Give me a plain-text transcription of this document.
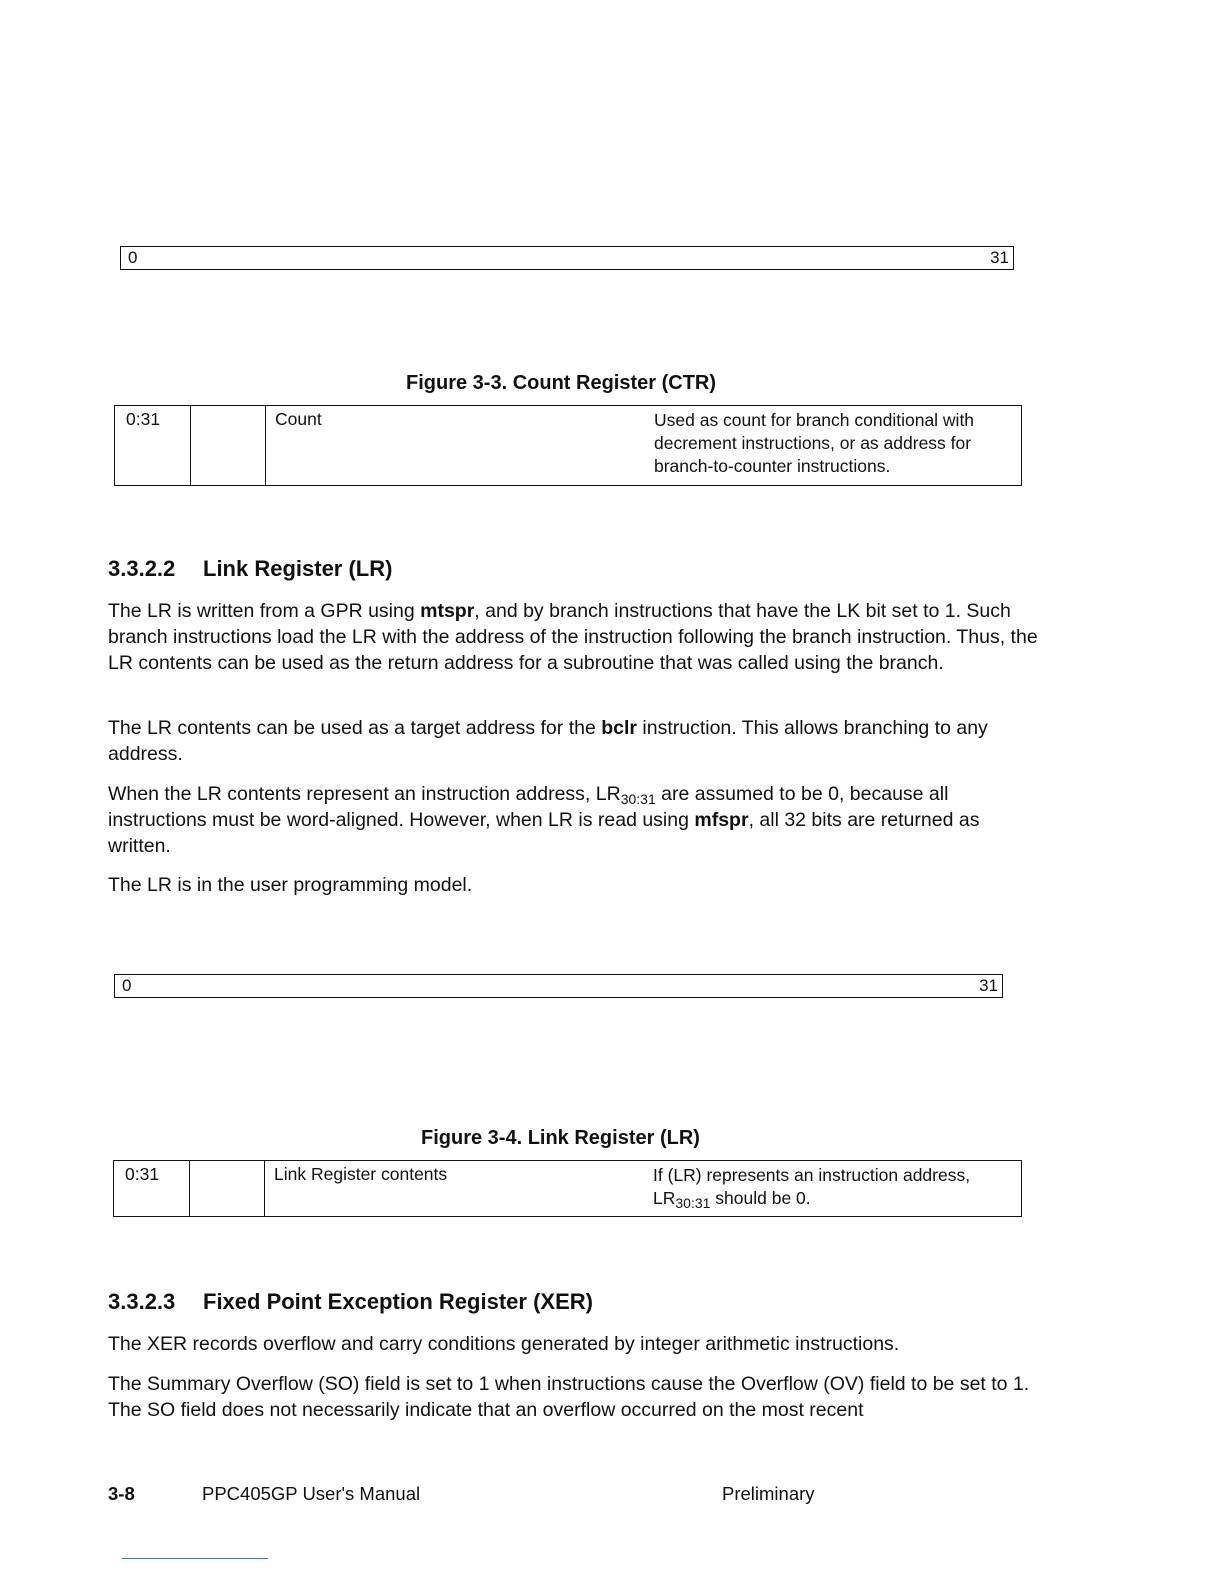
0	31
Figure 3-3. Count Register (CTR)
0:31	Count	Used as count for branch conditional with
decrement instructions, or as address for
branch-to-counter instructions.
3.3.2.2 Link Register (LR)

The LR is written from a GPR using mtspr, and by branch instructions that have the LK bit set to 1. Such branch instructions load the LR with the address of the instruction following the branch instruction. Thus, the LR contents can be used as the return address for a subroutine that was called using the branch.

The LR contents can be used as a target address for the bclr instruction. This allows branching to any address.

When the LR contents represent an instruction address, $LR_{30:31}$ are assumed to be 0, because all instructions must be word-aligned. However, when LR is read using mfspr, all 32 bits are returned as written.

The LR is in the user programming model.

0	31
Figure 3-4. Link Register (LR)
0:31	Link Register contents	If (LR) represents an instruction address,
$LR_{30:31}$ should be 0.
3.3.2.3 Fixed Point Exception Register (XER)

The XER records overflow and carry conditions generated by integer arithmetic instructions.

The Summary Overflow (SO) field is set to 1 when instructions cause the Overflow (OV) field to be set to 1. The SO field does not necessarily indicate that an overflow occurred on the most recent

3-8	PPC405GP User's Manual	Preliminary
